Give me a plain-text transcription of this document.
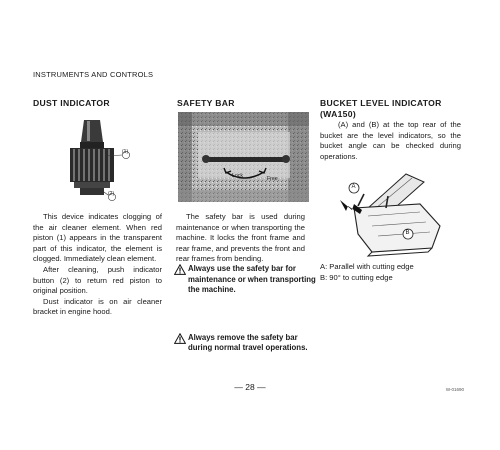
INSTRUMENTS AND CONTROLS
DUST INDICATOR
(1)
(2)

This device indicates clogging of the air cleaner element. When red piston (1) appears in the transparent part of this indicator, the element is clogged. Immediately clean element.

After cleaning, push indicator button (2) to return red piston to original position.

Dust indicator is on air cleaner bracket in engine hood.

SAFETY BAR
Lock	Free

The safety bar is used during maintenance or when transporting the machine. It locks the front frame and rear frame, and prevents the front and rear frames from bending.

Always use the safety bar for maintenance or when transporting the machine.
Always remove the safety bar during normal travel operations.
BUCKET LEVEL INDICATOR
(WA150)

(A) and (B) at the top rear of the bucket are the level indicators, so the bucket angle can be checked during operations.

A
B
A: Parallel with cutting edge
B: 90° to cutting edge
— 28 —	W-01690
